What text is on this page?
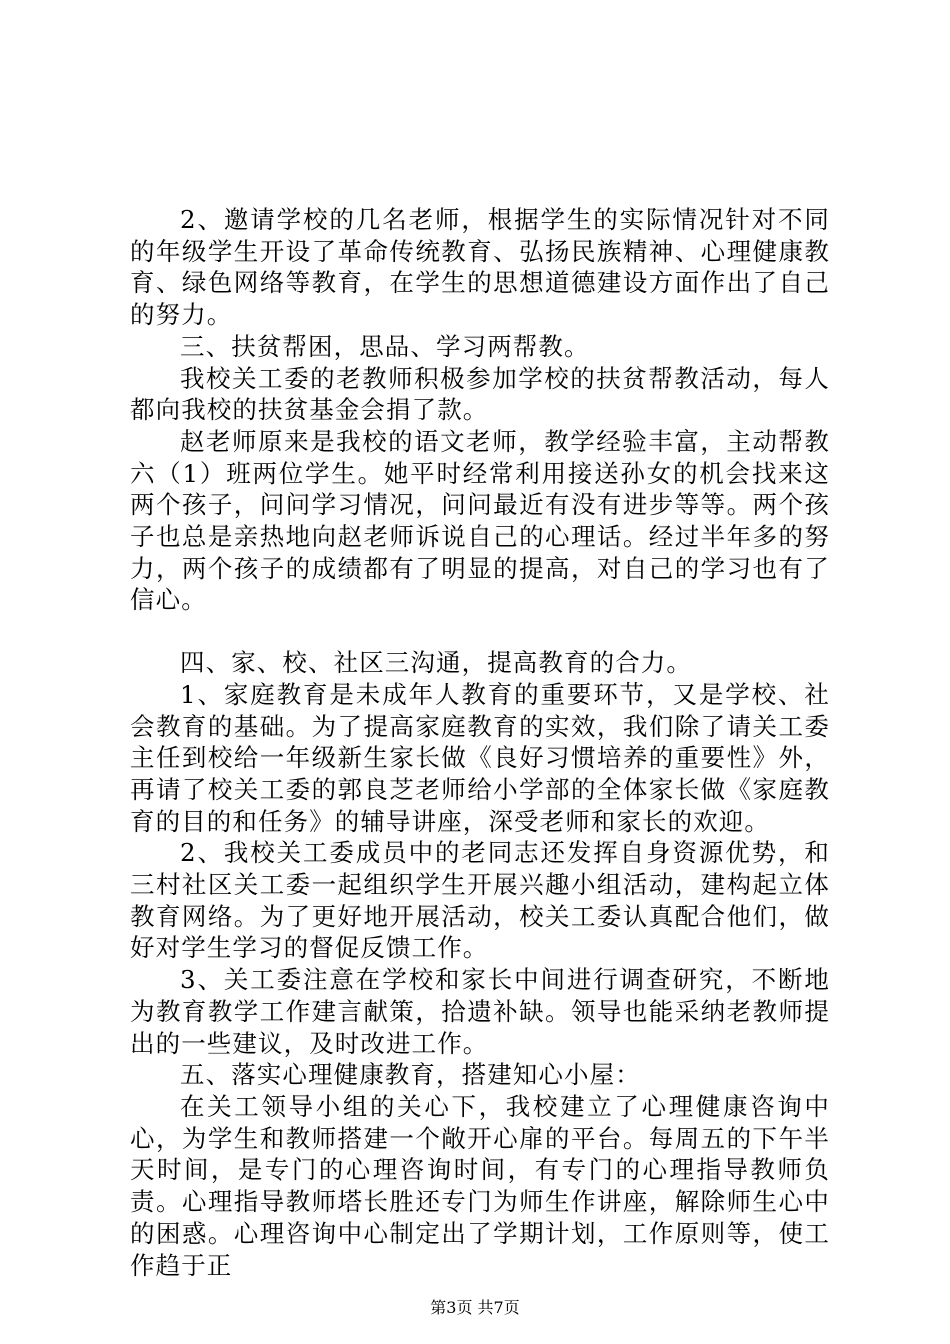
2、邀请学校的几名老师，根据学生的实际情况针对不同的年级学生开设了革命传统教育、弘扬民族精神、心理健康教育、绿色网络等教育，在学生的思想道德建设方面作出了自己的努力。

三、扶贫帮困，思品、学习两帮教。

我校关工委的老教师积极参加学校的扶贫帮教活动，每人都向我校的扶贫基金会捐了款。

赵老师原来是我校的语文老师，教学经验丰富，主动帮教六（1）班两位学生。她平时经常利用接送孙女的机会找来这两个孩子，问问学习情况，问问最近有没有进步等等。两个孩子也总是亲热地向赵老师诉说自己的心理话。经过半年多的努力，两个孩子的成绩都有了明显的提高，对自己的学习也有了信心。

四、家、校、社区三沟通，提高教育的合力。

1、家庭教育是未成年人教育的重要环节，又是学校、社会教育的基础。为了提高家庭教育的实效，我们除了请关工委主任到校给一年级新生家长做《良好习惯培养的重要性》外，再请了校关工委的郭良芝老师给小学部的全体家长做《家庭教育的目的和任务》的辅导讲座，深受老师和家长的欢迎。

2、我校关工委成员中的老同志还发挥自身资源优势，和三村社区关工委一起组织学生开展兴趣小组活动，建构起立体教育网络。为了更好地开展活动，校关工委认真配合他们，做好对学生学习的督促反馈工作。

3、关工委注意在学校和家长中间进行调查研究，不断地为教育教学工作建言献策，拾遗补缺。领导也能采纳老教师提出的一些建议，及时改进工作。

五、落实心理健康教育，搭建知心小屋：

在关工领导小组的关心下，我校建立了心理健康咨询中心，为学生和教师搭建一个敞开心扉的平台。每周五的下午半天时间，是专门的心理咨询时间，有专门的心理指导教师负责。心理指导教师塔长胜还专门为师生作讲座，解除师生心中的困惑。心理咨询中心制定出了学期计划，工作原则等，使工作趋于正

第3页 共7页
